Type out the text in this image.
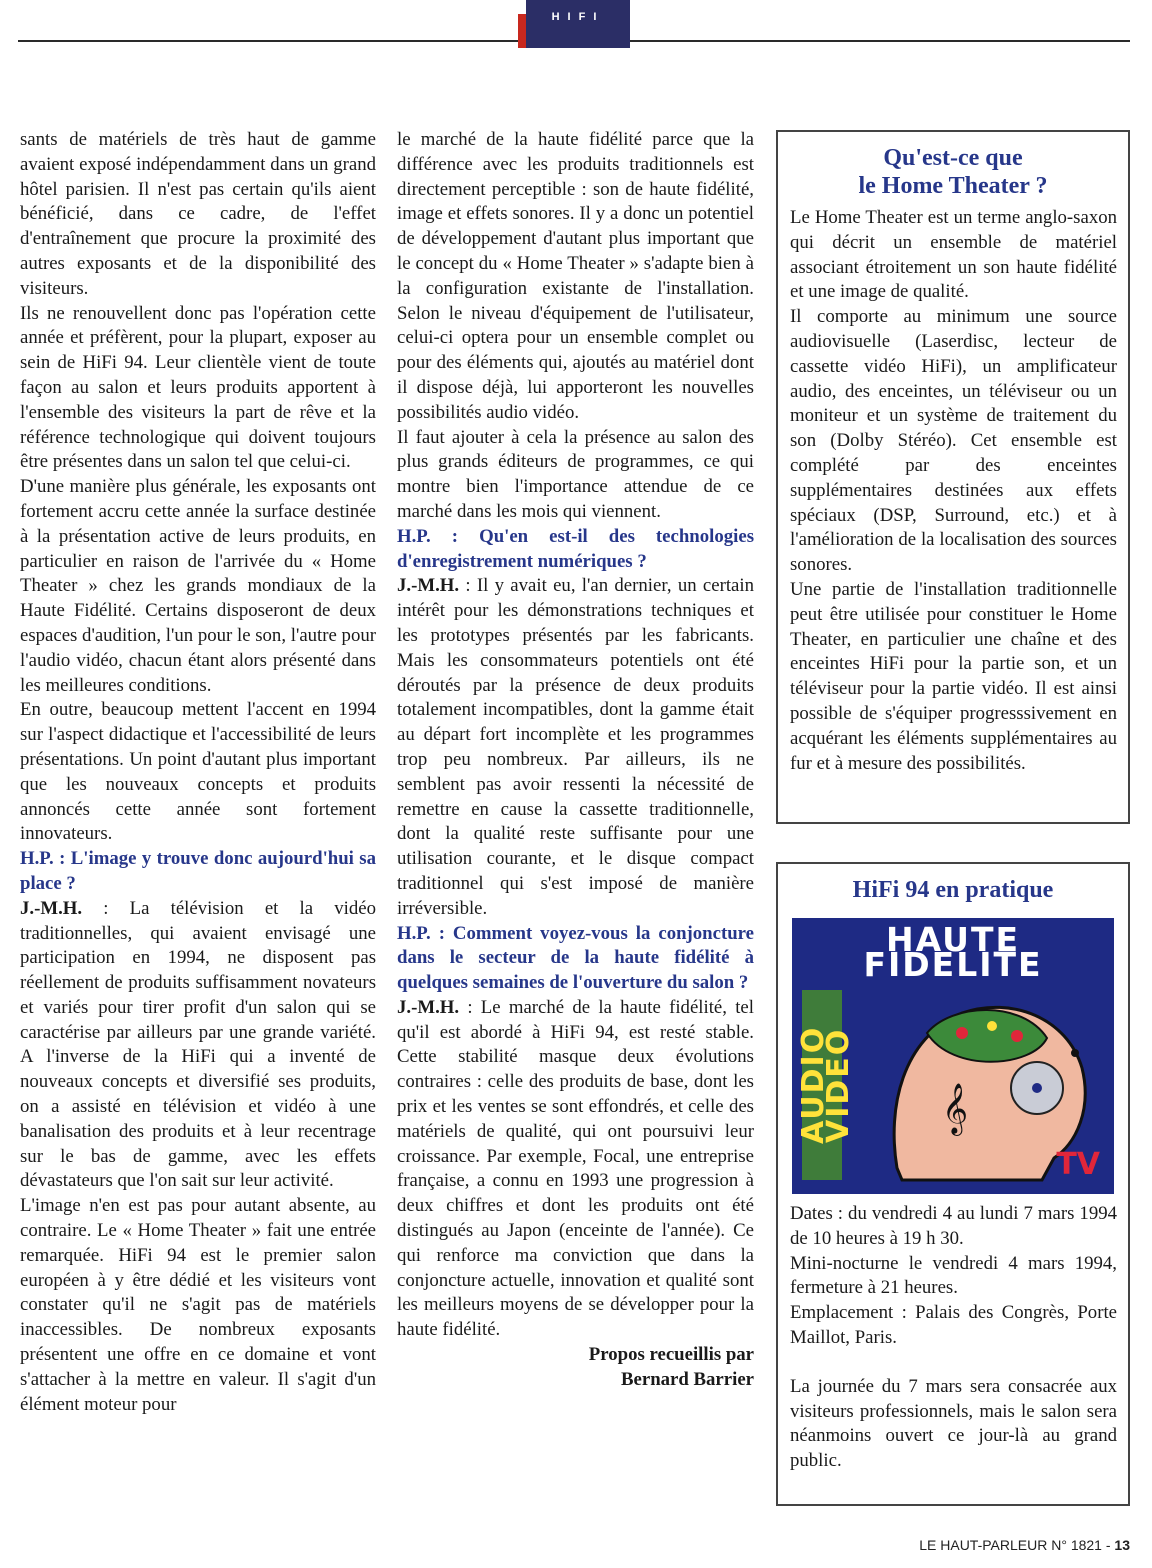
HIFI

sants de matériels de très haut de gamme avaient exposé indépendamment dans un grand hôtel parisien. Il n'est pas certain qu'ils aient bénéficié, dans ce cadre, de l'effet d'entraînement que procure la proximité des autres exposants et de la disponibilité des visiteurs.

Ils ne renouvellent donc pas l'opération cette année et préfèrent, pour la plupart, exposer au sein de HiFi 94. Leur clientèle vient de toute façon au salon et leurs produits apportent à l'ensemble des visiteurs la part de rêve et la référence technologique qui doivent toujours être présentes dans un salon tel que celui-ci.

D'une manière plus générale, les exposants ont fortement accru cette année la surface destinée à la présentation active de leurs produits, en particulier en raison de l'arrivée du « Home Theater » chez les grands mondiaux de la Haute Fidélité. Certains disposeront de deux espaces d'audition, l'un pour le son, l'autre pour l'audio vidéo, chacun étant alors présenté dans les meilleures conditions.

En outre, beaucoup mettent l'accent en 1994 sur l'aspect didactique et l'accessibilité de leurs présentations. Un point d'autant plus important que les nouveaux concepts et produits annoncés cette année sont fortement innovateurs.

H.P. : L'image y trouve donc aujourd'hui sa place ?

J.-M.H. : La télévision et la vidéo traditionnelles, qui avaient envisagé une participation en 1994, ne disposent pas réellement de produits suffisamment novateurs et variés pour tirer profit d'un salon qui se caractérise par ailleurs par une grande variété. A l'inverse de la HiFi qui a inventé de nouveaux concepts et diversifié ses produits, on a assisté en télévision et vidéo à une banalisation des produits et à leur recentrage sur le bas de gamme, avec les effets dévastateurs que l'on sait sur leur activité.

L'image n'en est pas pour autant absente, au contraire. Le « Home Theater » fait une entrée remarquée. HiFi 94 est le premier salon européen à y être dédié et les visiteurs vont constater qu'il ne s'agit pas de matériels inaccessibles. De nombreux exposants présentent une offre en ce domaine et vont s'attacher à la mettre en valeur. Il s'agit d'un élément moteur pour

le marché de la haute fidélité parce que la différence avec les produits traditionnels est directement perceptible : son de haute fidélité, image et effets sonores. Il y a donc un potentiel de développement d'autant plus important que le concept du « Home Theater » s'adapte bien à la configuration existante de l'installation. Selon le niveau d'équipement de l'utilisateur, celui-ci optera pour un ensemble complet ou pour des éléments qui, ajoutés au matériel dont il dispose déjà, lui apporteront les nouvelles possibilités audio vidéo.

Il faut ajouter à cela la présence au salon des plus grands éditeurs de programmes, ce qui montre bien l'importance attendue de ce marché dans les mois qui viennent.

H.P. : Qu'en est-il des technologies d'enregistrement numériques ?

J.-M.H. : Il y avait eu, l'an dernier, un certain intérêt pour les démonstrations techniques et les prototypes présentés par les fabricants. Mais les consommateurs potentiels ont été déroutés par la présence de deux produits totalement incompatibles, dont la gamme était au départ fort incomplète et les programmes trop peu nombreux. Par ailleurs, ils ne semblent pas avoir ressenti la nécessité de remettre en cause la cassette traditionnelle, dont la qualité reste suffisante pour une utilisation courante, et le disque compact traditionnel qui s'est imposé de manière irréversible.

H.P. : Comment voyez-vous la conjoncture dans le secteur de la haute fidélité à quelques semaines de l'ouverture du salon ?

J.-M.H. : Le marché de la haute fidélité, tel qu'il est abordé à HiFi 94, est resté stable. Cette stabilité masque deux évolutions contraires : celle des produits de base, dont les prix et les ventes se sont effondrés, et celle des matériels de qualité, qui ont poursuivi leur croissance. Par exemple, Focal, une entreprise française, a connu en 1993 une progression à deux chiffres et dont les produits ont été distingués au Japon (enceinte de l'année). Ce qui renforce ma conviction que dans la conjoncture actuelle, innovation et qualité sont les meilleurs moyens de se développer pour la haute fidélité.

Propos recueillis par

Bernard Barrier

Qu'est-ce que
le Home Theater ?

Le Home Theater est un terme anglo-saxon qui décrit un ensemble de matériel associant étroitement un son haute fidélité et une image de qualité.

Il comporte au minimum une source audiovisuelle (Laserdisc, lecteur de cassette vidéo HiFi), un amplificateur audio, des enceintes, un téléviseur ou un moniteur et un système de traitement du son (Dolby Stéréo). Cet ensemble est complété par des enceintes supplémentaires destinées aux effets spéciaux (DSP, Surround, etc.) et à l'amélioration de la localisation des sources sonores.

Une partie de l'installation traditionnelle peut être utilisée pour constituer le Home Theater, en particulier une chaîne et des enceintes HiFi pour la partie son, et un téléviseur pour la partie vidéo. Il est ainsi possible de s'équiper progresssivement en acquérant les éléments supplémentaires au fur et à mesure des possibilités.

HiFi 94 en pratique
𝄞
HAUTE FIDELITE
AUDIO VIDEO
TV

Dates : du vendredi 4 au lundi 7 mars 1994 de 10 heures à 19 h 30.

Mini-nocturne le vendredi 4 mars 1994, fermeture à 21 heures.

Emplacement : Palais des Congrès, Porte Maillot, Paris.

La journée du 7 mars sera consacrée aux visiteurs professionnels, mais le salon sera néanmoins ouvert ce jour-là au grand public.

LE HAUT-PARLEUR N° 1821 - 13
